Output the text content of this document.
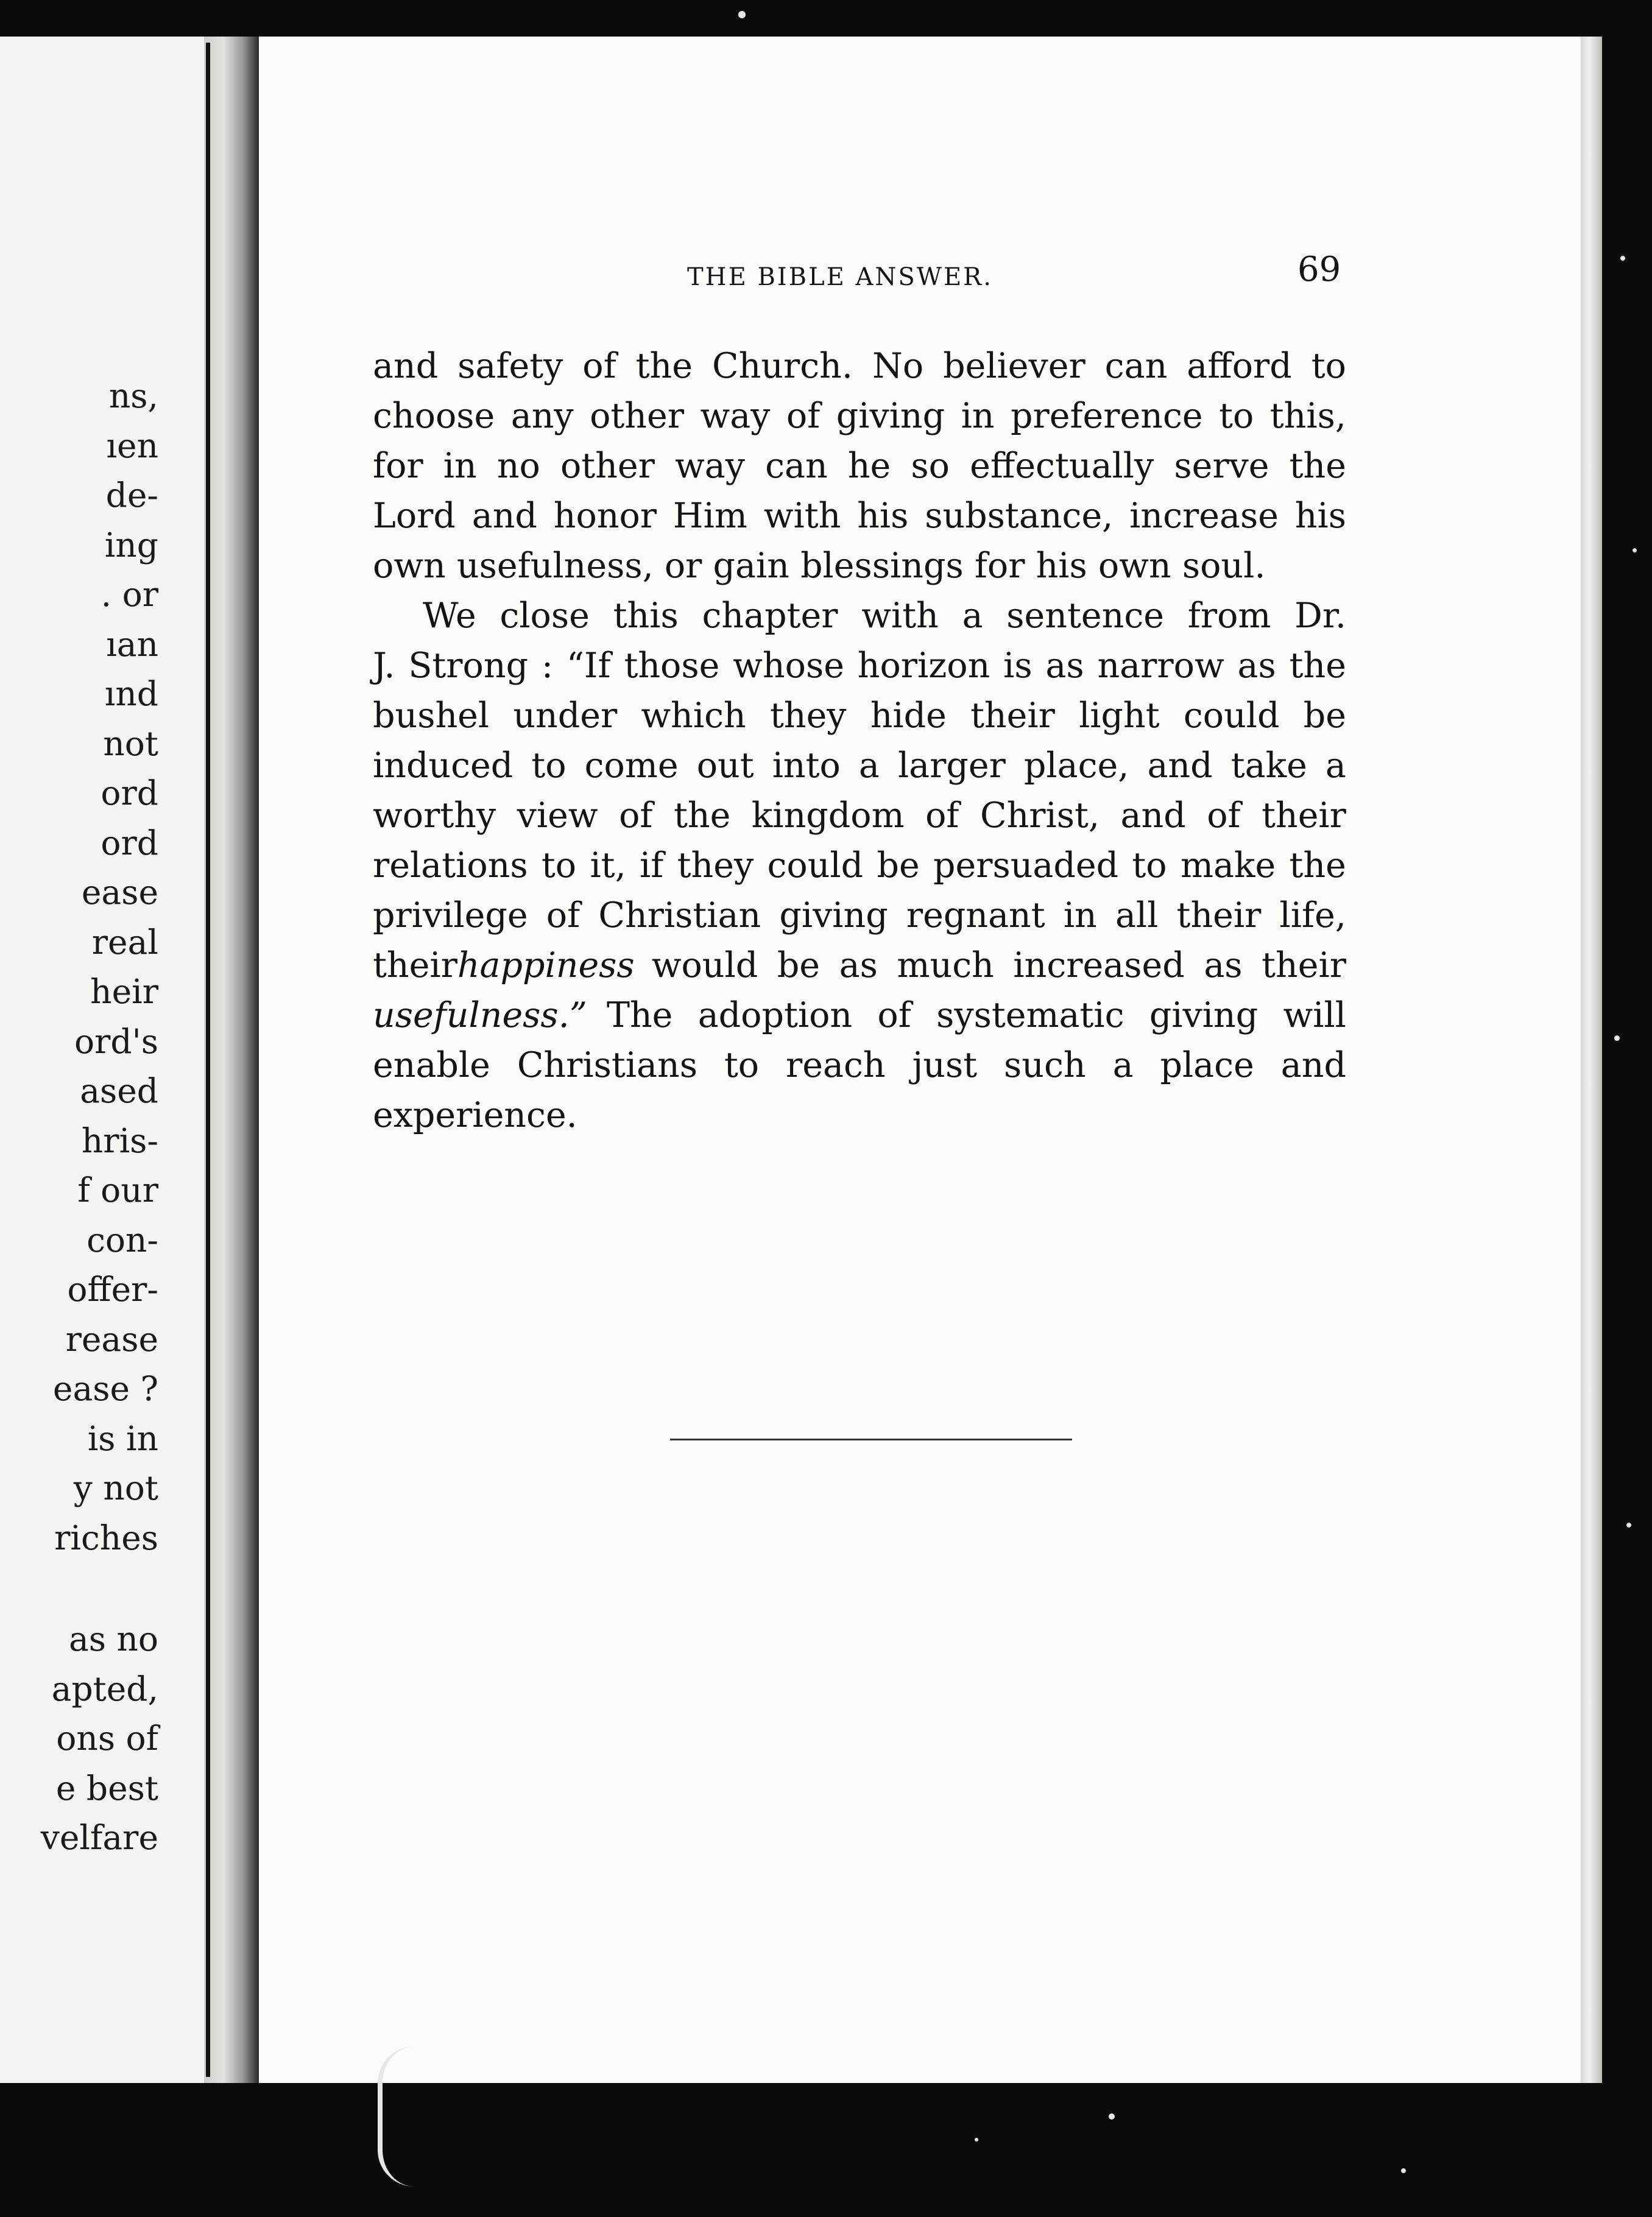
ns,
ıen
de-
ing
. or
ıan
ınd
not
ord
ord
ease
real
heir
ord's
ased
hris-
f our
con-
offer-
rease
ease ?
is in
y not
riches
as no
apted,
ons of
e best
velfare
THE BIBLE ANSWER.	69
and safety of the Church. No believer can afford to
choose any other way of giving in preference to this,
for in no other way can he so effectually serve the
Lord and honor Him with his substance, increase his
own usefulness, or gain blessings for his own soul.
We close this chapter with a sentence from Dr.
J. Strong : “If those whose horizon is as narrow as the
bushel under which they hide their light could be
induced to come out into a larger place, and take a
worthy view of the kingdom of Christ, and of their
relations to it, if they could be persuaded to make the
privilege of Christian giving regnant in all their life,
their happiness would be as much increased as their
usefulness.” The adoption of systematic giving will
enable Christians to reach just such a place and
experience.
